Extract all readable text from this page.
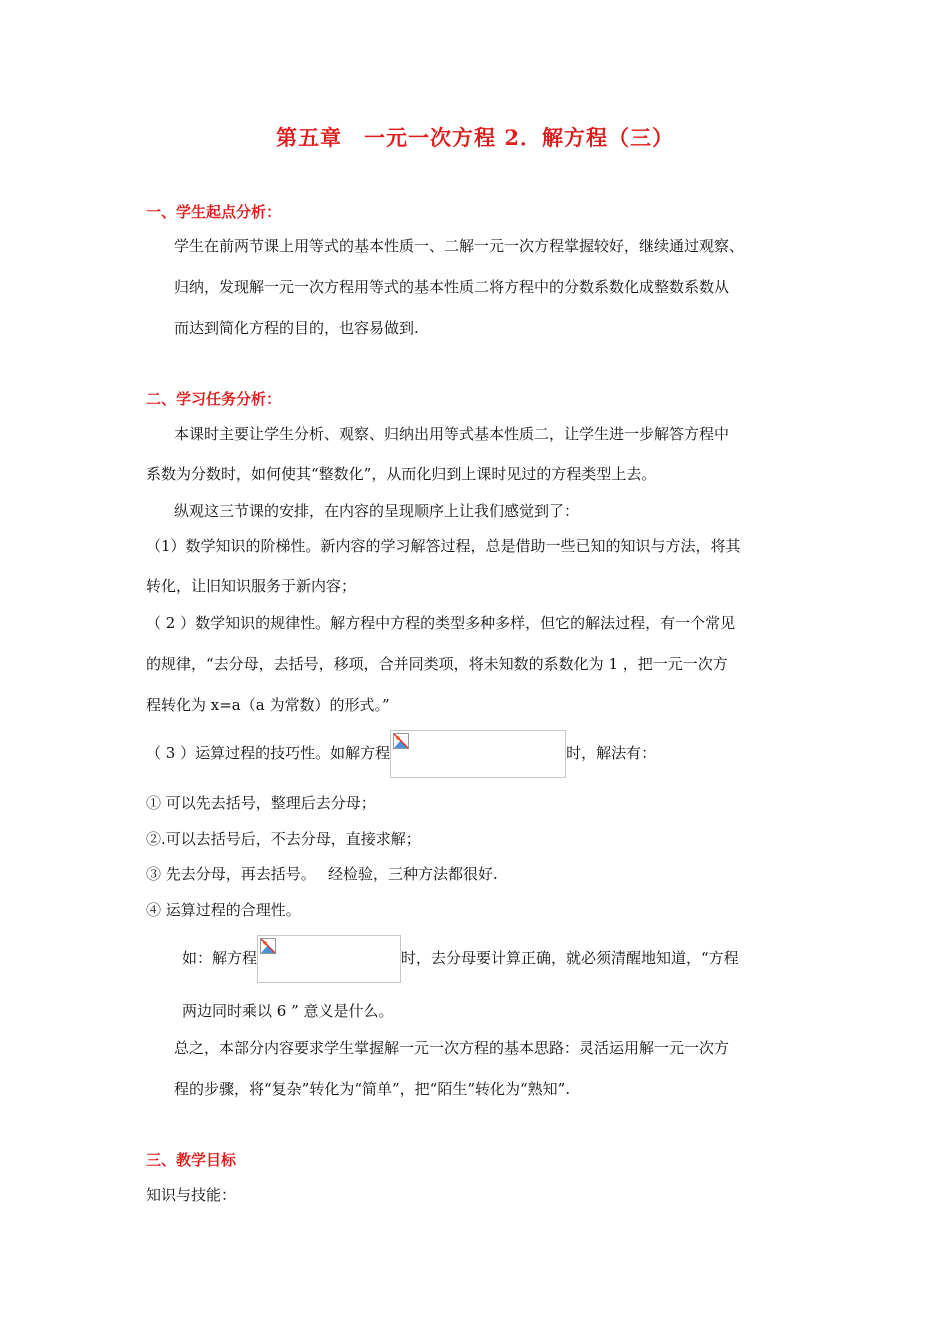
第五章　一元一次方程 2．解方程（三）
一、学生起点分析：
学生在前两节课上用等式的基本性质一、二解一元一次方程掌握较好，继续通过观察、
归纳，发现解一元一次方程用等式的基本性质二将方程中的分数系数化成整数系数从
而达到简化方程的目的，也容易做到.
二、学习任务分析：
本课时主要让学生分析、观察、归纳出用等式基本性质二，让学生进一步解答方程中
系数为分数时，如何使其“整数化”，从而化归到上课时见过的方程类型上去。
纵观这三节课的安排，在内容的呈现顺序上让我们感觉到了：
（1）数学知识的阶梯性。新内容的学习解答过程，总是借助一些已知的知识与方法，将其
转化，让旧知识服务于新内容；
（ 2 ）数学知识的规律性。解方程中方程的类型多种多样，但它的解法过程，有一个常见
的规律，“去分母，去括号，移项，合并同类项，将未知数的系数化为 1 ，把一元一次方
程转化为 x=a（a 为常数）的形式。”
（ 3 ）运算过程的技巧性。如解方程	时，解法有：
① 可以先去括号，整理后去分母；
②.可以去括号后，不去分母，直接求解；
③ 先去分母，再去括号。　 经检验，三种方法都很好.
④ 运算过程的合理性。
如：解方程	时，去分母要计算正确，就必须清醒地知道，“方程
两边同时乘以 6 ” 意义是什么。
总之，本部分内容要求学生掌握解一元一次方程的基本思路：灵活运用解一元一次方
程的步骤，将“复杂”转化为“简单”，把“陌生”转化为“熟知”.
三、教学目标
知识与技能：
